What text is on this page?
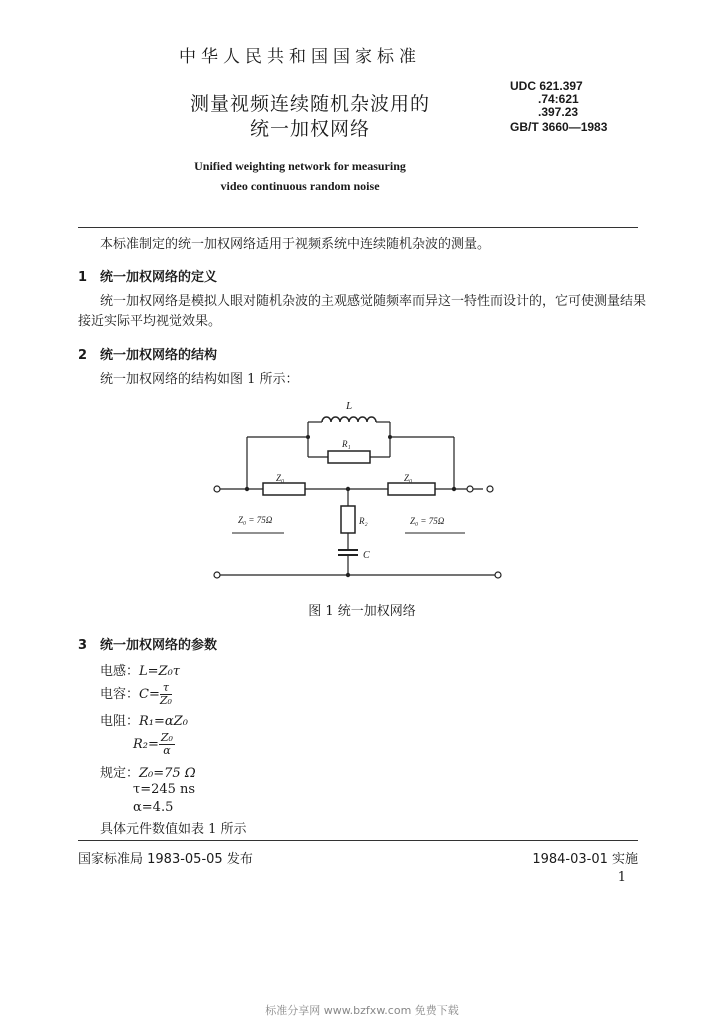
中华人民共和国国家标准
测量视频连续随机杂波用的
统一加权网络
UDC 621.397
.74:621
.397.23
GB/T 3660—1983
Unified weighting network for measuring
video continuous random noise
本标准制定的统一加权网络适用于视频系统中连续随机杂波的测量。
1 统一加权网络的定义
统一加权网络是模拟人眼对随机杂波的主观感觉随频率而异这一特性而设计的，它可使测量结果
接近实际平均视觉效果。
2 统一加权网络的结构
统一加权网络的结构如图 1 所示：
L
R₁
Z₀	Z₀
R₂
C
Z₀ = 75Ω	Z₀ = 75Ω
图 1 统一加权网络
3 统一加权网络的参数
电感：L=Z₀τ
电容：$C= \frac{\tau}{\text{Z₀}}$
电阻：R₁=αZ₀
$R_2= \frac{\text{Z₀}}{\alpha}$
规定：Z₀=75 Ω
τ=245 ns
α=4.5
具体元件数值如表 1 所示
国家标准局 1983-05-05 发布	1984-03-01 实施
1
标准分享网 www.bzfxw.com 免费下载
